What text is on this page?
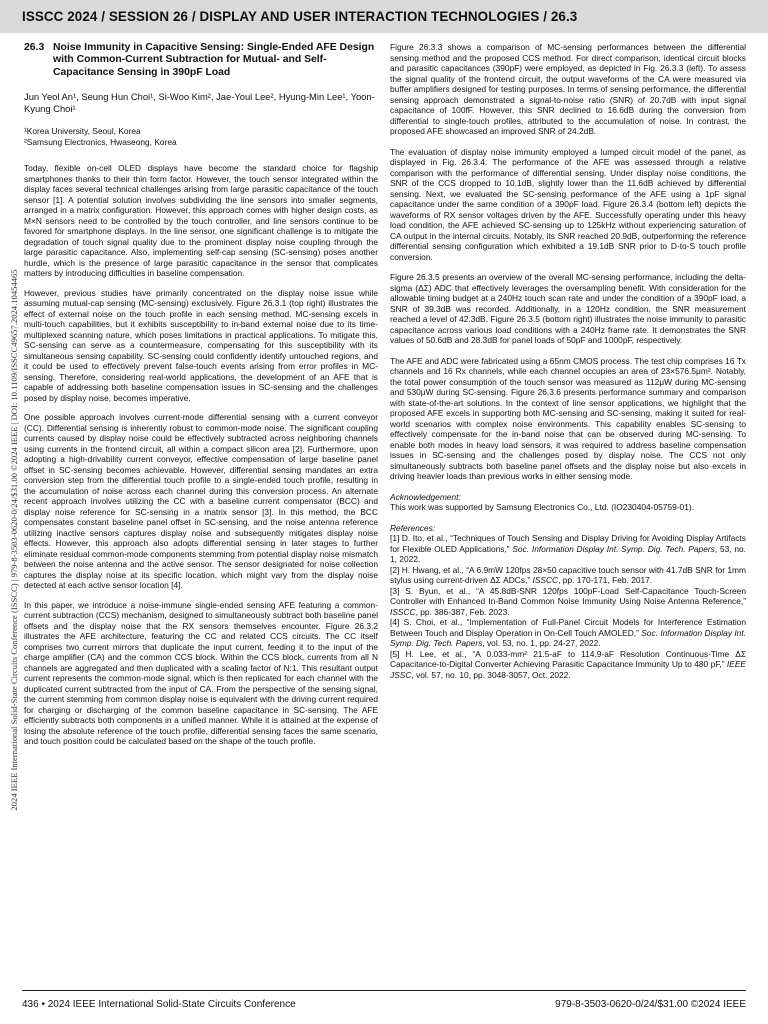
ISSCC 2024 / SESSION 26 / DISPLAY AND USER INTERACTION TECHNOLOGIES / 26.3
2024 IEEE International Solid-State Circuits Conference (ISSCC) | 979-8-3503-0620-0/24/$31.00 ©2024 IEEE | DOI: 10.1109/ISSCC49657.2024.10454465
26.3 Noise Immunity in Capacitive Sensing: Single-Ended AFE Design with Common-Current Subtraction for Mutual- and Self-Capacitance Sensing in 390pF Load
Jun Yeol An¹, Seung Hun Choi¹, Si-Woo Kim², Jae-Youl Lee², Hyung-Min Lee¹, Yoon-Kyung Choi¹
¹Korea University, Seoul, Korea
²Samsung Electronics, Hwaseong, Korea

Today, flexible on-cell OLED displays have become the standard choice for flagship smartphones thanks to their thin form factor. However, the touch sensor integrated within the display faces several technical challenges arising from large parasitic capacitance of the touch sensor [1]. A potential solution involves subdividing the line sensors into smaller segments, arranged in a matrix configuration. However, this approach comes with higher design costs, as M×N sensors need to be controlled by the touch controller, and line sensors continue to be favored for smartphone displays. In the line sensor, one significant challenge is to mitigate the degradation of touch signal quality due to the prominent display noise coupling through the large parasitic capacitance. Also, implementing self-cap sensing (SC-sensing) poses another hurdle, which is the presence of large parasitic capacitance in the sensor that complicates matters by introducing difficulties in baseline compensation.

However, previous studies have primarily concentrated on the display noise issue while assuming mutual-cap sensing (MC-sensing) exclusively. Figure 26.3.1 (top right) illustrates the effect of external noise on the touch profile in each sensing method. MC-sensing excels in multi-touch capabilities, but it exhibits susceptibility to in-band external noise due to its time-multiplexed scanning nature, which poses limitations in practical applications. To mitigate this, SC-sensing can serve as a countermeasure, compensating for this susceptibility with its simultaneous sensing capability. SC-sensing could confidently identify untouched regions, and it could be used to effectively prevent false-touch events arising from error profiles in MC-sensing. Therefore, considering real-world applications, the development of an AFE that is capable of addressing both baseline compensation issues in SC-sensing and the challenges posed by display noise, becomes imperative.

One possible approach involves current-mode differential sensing with a current conveyor (CC). Differential sensing is inherently robust to common-mode noise. The significant coupling currents caused by display noise could be effectively subtracted across neighboring channels using currents in the frontend circuit, all within a compact silicon area [2]. Furthermore, upon adopting a high-drivability current conveyor, effective compensation of large baseline panel offset in SC-sensing becomes achievable. However, differential sensing mandates an extra conversion step from the differential touch profile to a single-ended touch profile, resulting in the accumulation of noise across each channel during this conversion process. An alternate recent approach involves utilizing the CC with a baseline current compensator (BCC) and display noise reference for SC-sensing in a matrix sensor [3]. In this method, the BCC compensates constant baseline panel offset in SC-sensing, and the noise antenna reference utilizing inactive sensors captures display noise and subsequently mitigates display noise effects. However, this approach also adopts differential sensing in later stages to further eliminate residual common-mode components stemming from potential display noise mismatch between the noise antenna and the active sensor. The sensor designated for noise collection captures the display noise at its specific location, which might vary from the display noise detected at each active sensor location [4].

In this paper, we introduce a noise-immune single-ended sensing AFE featuring a common-current subtraction (CCS) mechanism, designed to simultaneously subtract both baseline panel offsets and the display noise that the RX sensors themselves encounter. Figure 26.3.2 illustrates the AFE architecture, featuring the CC and related CCS circuits. The CC itself comprises two current mirrors that duplicate the input current, feeding it to the input of the charge amplifier (CA) and the common CCS block. Within the CCS block, currents from all N channels are aggregated and then duplicated with a scaling factor of N:1. This resultant output current represents the common-mode signal, which is then replicated for each channel with the duplicated current subtracted from the input of CA. From the perspective of the sensing signal, the current stemming from common display noise is equivalent with the driving current required for charging or discharging of the common baseline capacitance in SC-sensing. The AFE efficiently subtracts both components in a unified manner. While it is attained at the expense of losing the absolute reference of the touch profile, differential sensing faces the same scenario, and touch position could be calculated based on the shape of the touch profile.

Figure 26.3.3 shows a comparison of MC-sensing performances between the differential sensing method and the proposed CCS method. For direct comparison, identical circuit blocks and parasitic capacitances (390pF) were employed, as depicted in Fig. 26.3.3 (left). To assess the signal quality of the frontend circuit, the output waveforms of the CA were measured via buffer amplifiers designed for testing purposes. In terms of sensing performance, the differential sensing approach demonstrated a signal-to-noise ratio (SNR) of 20.7dB with input signal capacitance of 100fF. However, this SNR declined to 16.6dB during the conversion from differential to single-touch profiles, attributed to the accumulation of noise. In contrast, the proposed AFE showcased an improved SNR of 24.2dB.

The evaluation of display noise immunity employed a lumped circuit model of the panel, as displayed in Fig. 26.3.4. The performance of the AFE was assessed through a relative comparison with the performance of differential sensing. Under display noise conditions, the SNR of the CCS dropped to 10.1dB, slightly lower than the 11.6dB achieved by differential sensing. Next, we evaluated the SC-sensing performance of the AFE using a 1pF signal capacitance under the same condition of a 390pF load. Figure 26.3.4 (bottom left) depicts the waveforms of RX sensor voltages driven by the AFE. Successfully operating under this heavy load condition, the AFE achieved SC-sensing up to 125kHz without experiencing saturation of CA output in the internal circuits. Notably, its SNR reached 20.9dB, outperforming the reference differential sensing configuration which exhibited a 19.1dB SNR prior to D-to-S touch profile conversion.

Figure 26.3.5 presents an overview of the overall MC-sensing performance, including the delta-sigma (ΔΣ) ADC that effectively leverages the oversampling benefit. With consideration for the allowable timing budget at a 240Hz touch scan rate and under the condition of a 390pF load, a SNR of 39.3dB was recorded. Additionally, in a 120Hz condition, the SNR measurement reached a level of 42.3dB. Figure 26.3.5 (bottom right) illustrates the noise immunity to parasitic capacitance across various load conditions with a 240Hz frame rate. It demonstrates the SNR values of 50.6dB and 28.3dB for panel loads of 50pF and 1000pF, respectively.

The AFE and ADC were fabricated using a 65nm CMOS process. The test chip comprises 16 Tx channels and 16 Rx channels, while each channel occupies an area of 23×576.5μm². Notably, the total power consumption of the touch sensor was measured as 112μW during MC-sensing and 530μW during SC-sensing. Figure 26.3.6 presents performance summary and comparison with state-of-the-art solutions. In the context of line sensor applications, we highlight that the proposed AFE excels in supporting both MC-sensing and SC-sensing, making it suited for real-world scenarios with complex noise environments. This capability enables SC-sensing to effectively compensate for the in-band noise that can be observed during MC-sensing. To enable both modes in heavy load sensors, it was required to address baseline compensation issues in SC-sensing and the challenges posed by display noise. The CCS not only simultaneously subtracts both baseline panel offsets and the display noise but also excels in driving heavier loads than previous works in either sensing mode.

Acknowledgement:
This work was supported by Samsung Electronics Co., Ltd. (IO230404-05759-01).
References:
[1] D. Ito, et al., “Techniques of Touch Sensing and Display Driving for Avoiding Display Artifacts for Flexible OLED Applications,” Soc. Information Display Int. Symp. Dig. Tech. Papers, 53, no. 1, 2022.
[2] H. Hwang, et al., “A 6.9mW 120fps 28×50 capacitive touch sensor with 41.7dB SNR for 1mm stylus using current-driven ΔΣ ADCs,” ISSCC, pp. 170-171, Feb. 2017.
[3] S. Byun, et al., “A 45.8dB-SNR 120fps 100pF-Load Self-Capacitance Touch-Screen Controller with Enhanced In-Band Common Noise Immunity Using Noise Antenna Reference,” ISSCC, pp. 386-387, Feb. 2023.
[4] S. Choi, et al., “Implementation of Full-Panel Circuit Models for Interference Estimation Between Touch and Display Operation in On-Cell Touch AMOLED,” Soc. Information Display Int. Symp. Dig. Tech. Papers, vol. 53, no. 1, pp. 24-27, 2022.
[5] H. Lee, et al., “A 0.033-mm² 21.5-aF to 114.9-aF Resolution Continuous-Time ΔΣ Capacitance-to-Digital Converter Achieving Parasitic Capacitance Immunity Up to 480 pF,” IEEE JSSC, vol. 57, no. 10, pp. 3048-3057, Oct. 2022.
436 • 2024 IEEE International Solid-State Circuits Conference	979-8-3503-0620-0/24/$31.00 ©2024 IEEE
